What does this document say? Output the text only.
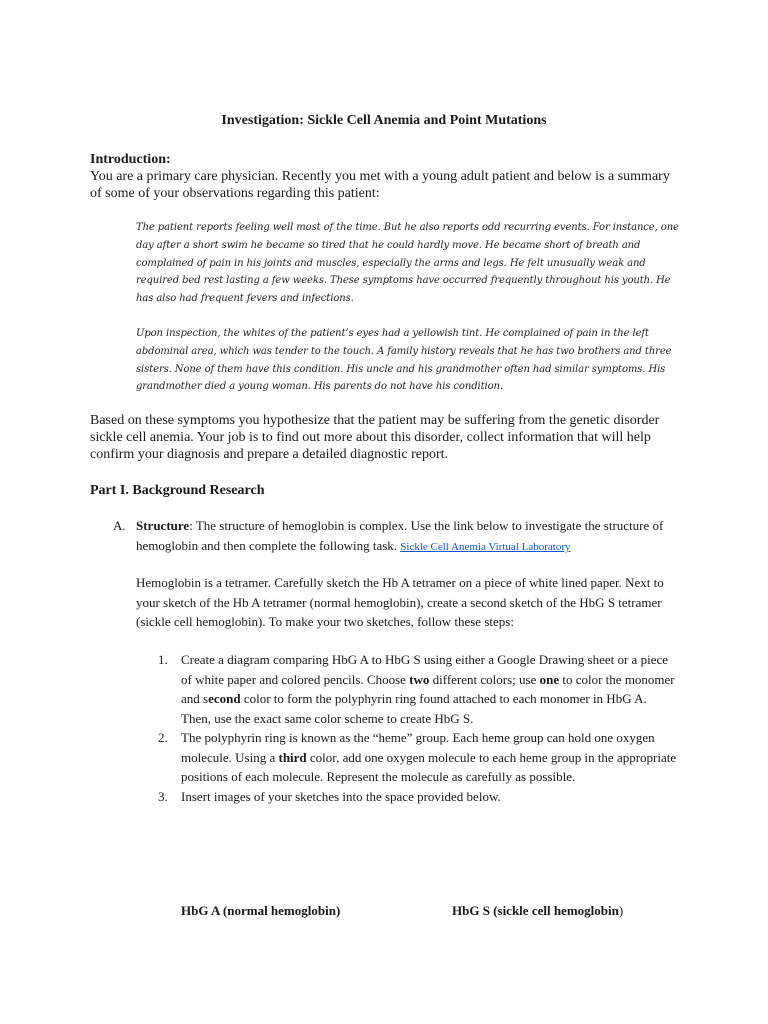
Investigation: Sickle Cell Anemia and Point Mutations
Introduction:
You are a primary care physician. Recently you met with a young adult patient and below is a summary of some of your observations regarding this patient:

The patient reports feeling well most of the time. But he also reports odd recurring events. For instance, one day after a short swim he became so tired that he could hardly move. He became short of breath and complained of pain in his joints and muscles, especially the arms and legs. He felt unusually weak and required bed rest lasting a few weeks. These symptoms have occurred frequently throughout his youth. He has also had frequent fevers and infections.

Upon inspection, the whites of the patient’s eyes had a yellowish tint. He complained of pain in the left abdominal area, which was tender to the touch. A family history reveals that he has two brothers and three sisters. None of them have this condition. His uncle and his grandmother often had similar symptoms. His grandmother died a young woman. His parents do not have his condition.

Based on these symptoms you hypothesize that the patient may be suffering from the genetic disorder sickle cell anemia. Your job is to find out more about this disorder, collect information that will help confirm your diagnosis and prepare a detailed diagnostic report.
Part I. Background Research
A. Structure: The structure of hemoglobin is complex. Use the link below to investigate the structure of hemoglobin and then complete the following task. Sickle Cell Anemia Virtual Laboratory
Hemoglobin is a tetramer. Carefully sketch the Hb A tetramer on a piece of white lined paper. Next to your sketch of the Hb A tetramer (normal hemoglobin), create a second sketch of the HbG S tetramer (sickle cell hemoglobin). To make your two sketches, follow these steps:
1. Create a diagram comparing HbG A to HbG S using either a Google Drawing sheet or a piece of white paper and colored pencils. Choose two different colors; use one to color the monomer and second color to form the polyphyrin ring found attached to each monomer in HbG A. Then, use the exact same color scheme to create HbG S.
2. The polyphyrin ring is known as the “heme” group. Each heme group can hold one oxygen molecule. Using a third color, add one oxygen molecule to each heme group in the appropriate positions of each molecule. Represent the molecule as carefully as possible.
3. Insert images of your sketches into the space provided below.
HbG A (normal hemoglobin)	HbG S (sickle cell hemoglobin)
